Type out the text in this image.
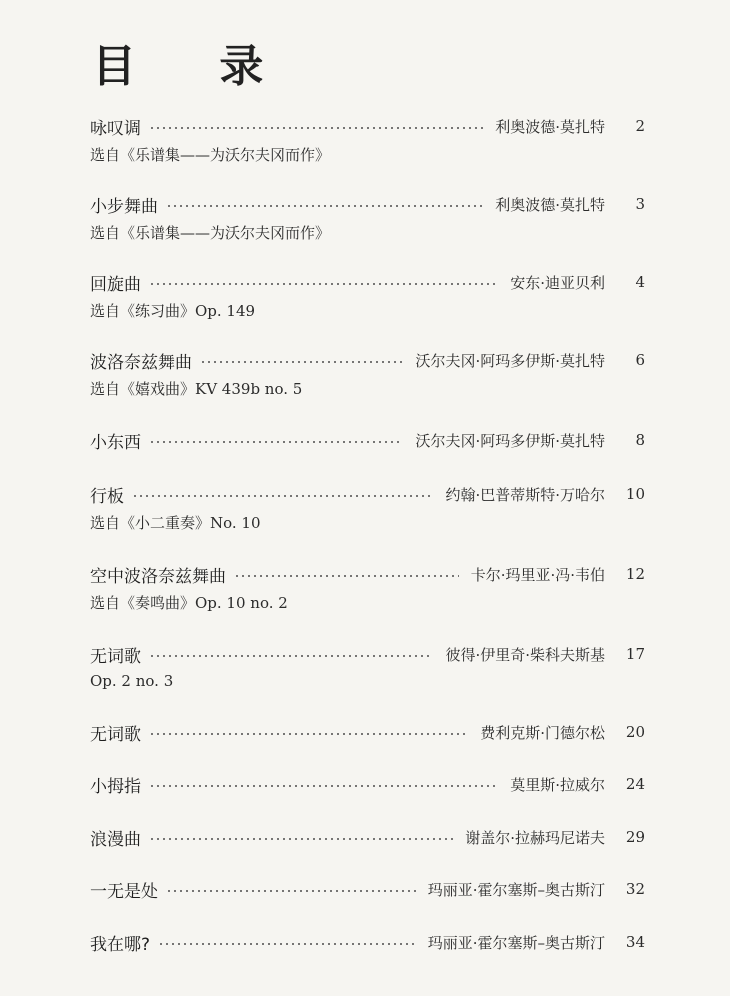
目 录
咏叹调	利奥波德·莫扎特	2
选自《乐谱集——为沃尔夫冈而作》
小步舞曲	利奥波德·莫扎特	3
选自《乐谱集——为沃尔夫冈而作》
回旋曲	安东·迪亚贝利	4
选自《练习曲》Op. 149
波洛奈兹舞曲	沃尔夫冈·阿玛多伊斯·莫扎特	6
选自《嬉戏曲》KV 439b no. 5
小东西	沃尔夫冈·阿玛多伊斯·莫扎特	8
行板	约翰·巴普蒂斯特·万哈尔	10
选自《小二重奏》No. 10
空中波洛奈兹舞曲	卡尔·玛里亚·冯·韦伯	12
选自《奏鸣曲》Op. 10 no. 2
无词歌	彼得·伊里奇·柴科夫斯基	17
Op. 2 no. 3
无词歌	费利克斯·门德尔松	20
小拇指	莫里斯·拉威尔	24
浪漫曲	谢盖尔·拉赫玛尼诺夫	29
一无是处	玛丽亚·霍尔塞斯–奥古斯汀	32
我在哪?	玛丽亚·霍尔塞斯–奥古斯汀	34
